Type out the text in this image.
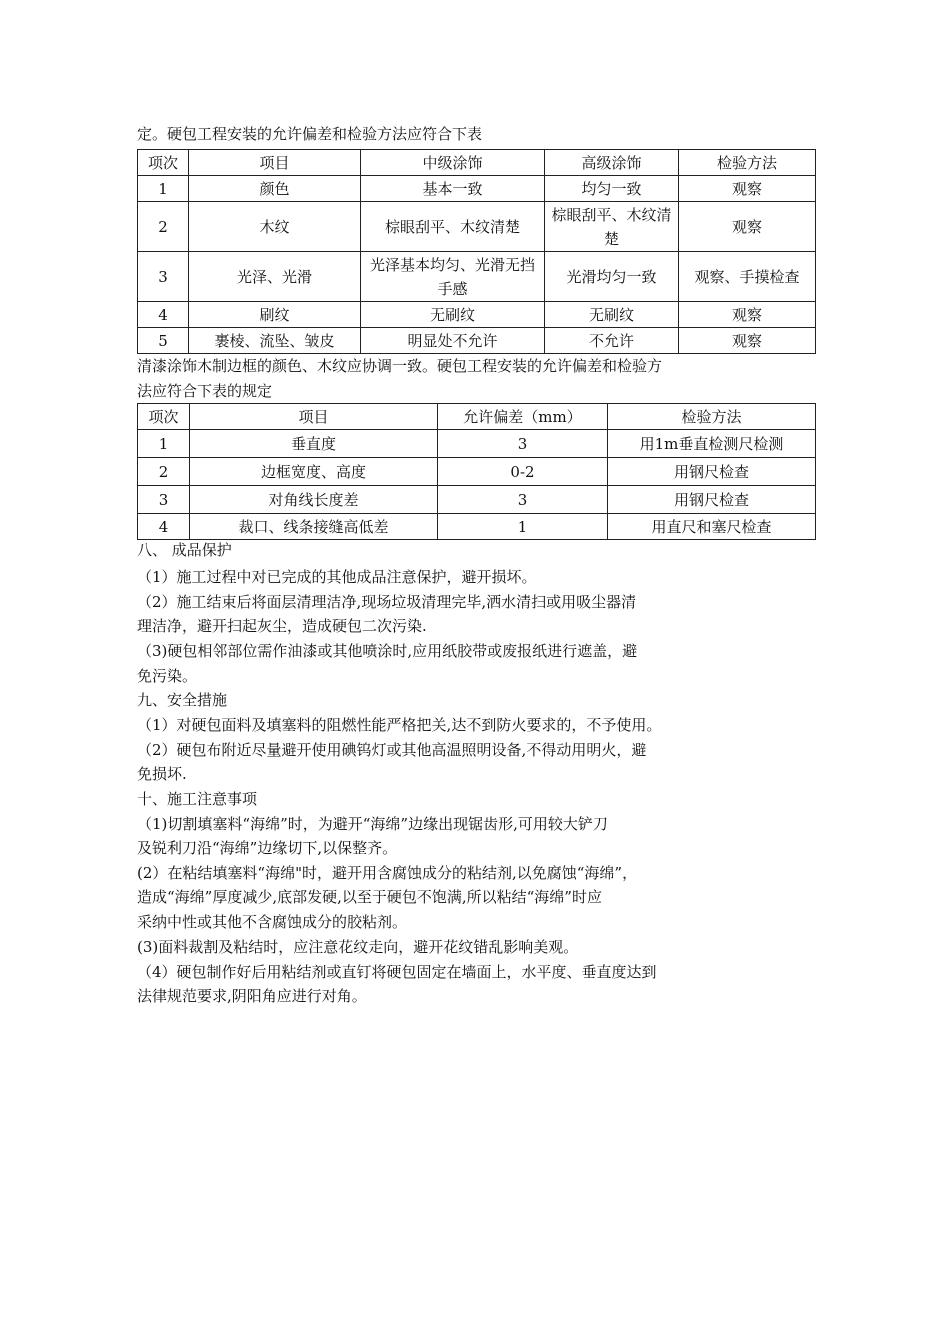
定。硬包工程安装的允许偏差和检验方法应符合下表
项次	项目	中级涂饰	高级涂饰	检验方法
1	颜色	基本一致	均匀一致	观察
2	木纹	棕眼刮平、木纹清楚	棕眼刮平、木纹清楚	观察
3	光泽、光滑	光泽基本均匀、光滑无挡手感	光滑均匀一致	观察、手摸检查
4	刷纹	无刷纹	无刷纹	观察
5	裹棱、流坠、皱皮	明显处不允许	不允许	观察
清漆涂饰木制边框的颜色、木纹应协调一致。硬包工程安装的允许偏差和检验方
法应符合下表的规定
项次	项目	允许偏差（mm）	检验方法
1	垂直度	3	用1m垂直检测尺检测
2	边框宽度、高度	0-2	用钢尺检查
3	对角线长度差	3	用钢尺检查
4	裁口、线条接缝高低差	1	用直尺和塞尺检查
八、 成品保护
（1）施工过程中对已完成的其他成品注意保护，避开损坏。
（2）施工结束后将面层清理洁净,现场垃圾清理完毕,洒水清扫或用吸尘器清
理洁净，避开扫起灰尘，造成硬包二次污染.
（3)硬包相邻部位需作油漆或其他喷涂时,应用纸胶带或废报纸进行遮盖，避
免污染。
九、安全措施
（1）对硬包面料及填塞料的阻燃性能严格把关,达不到防火要求的，不予使用。
（2）硬包布附近尽量避开使用碘钨灯或其他高温照明设备,不得动用明火，避
免损坏.
十、施工注意事项
（1)切割填塞料“海绵”时，为避开“海绵”边缘出现锯齿形,可用较大铲刀
及锐利刀沿“海绵”边缘切下,以保整齐。
(2）在粘结填塞料“海绵"时，避开用含腐蚀成分的粘结剂,以免腐蚀“海绵”，
造成“海绵”厚度减少,底部发硬,以至于硬包不饱满,所以粘结“海绵”时应
采纳中性或其他不含腐蚀成分的胶粘剂。
(3)面料裁割及粘结时，应注意花纹走向，避开花纹错乱影响美观。
（4）硬包制作好后用粘结剂或直钉将硬包固定在墙面上，水平度、垂直度达到
法律规范要求,阴阳角应进行对角。
